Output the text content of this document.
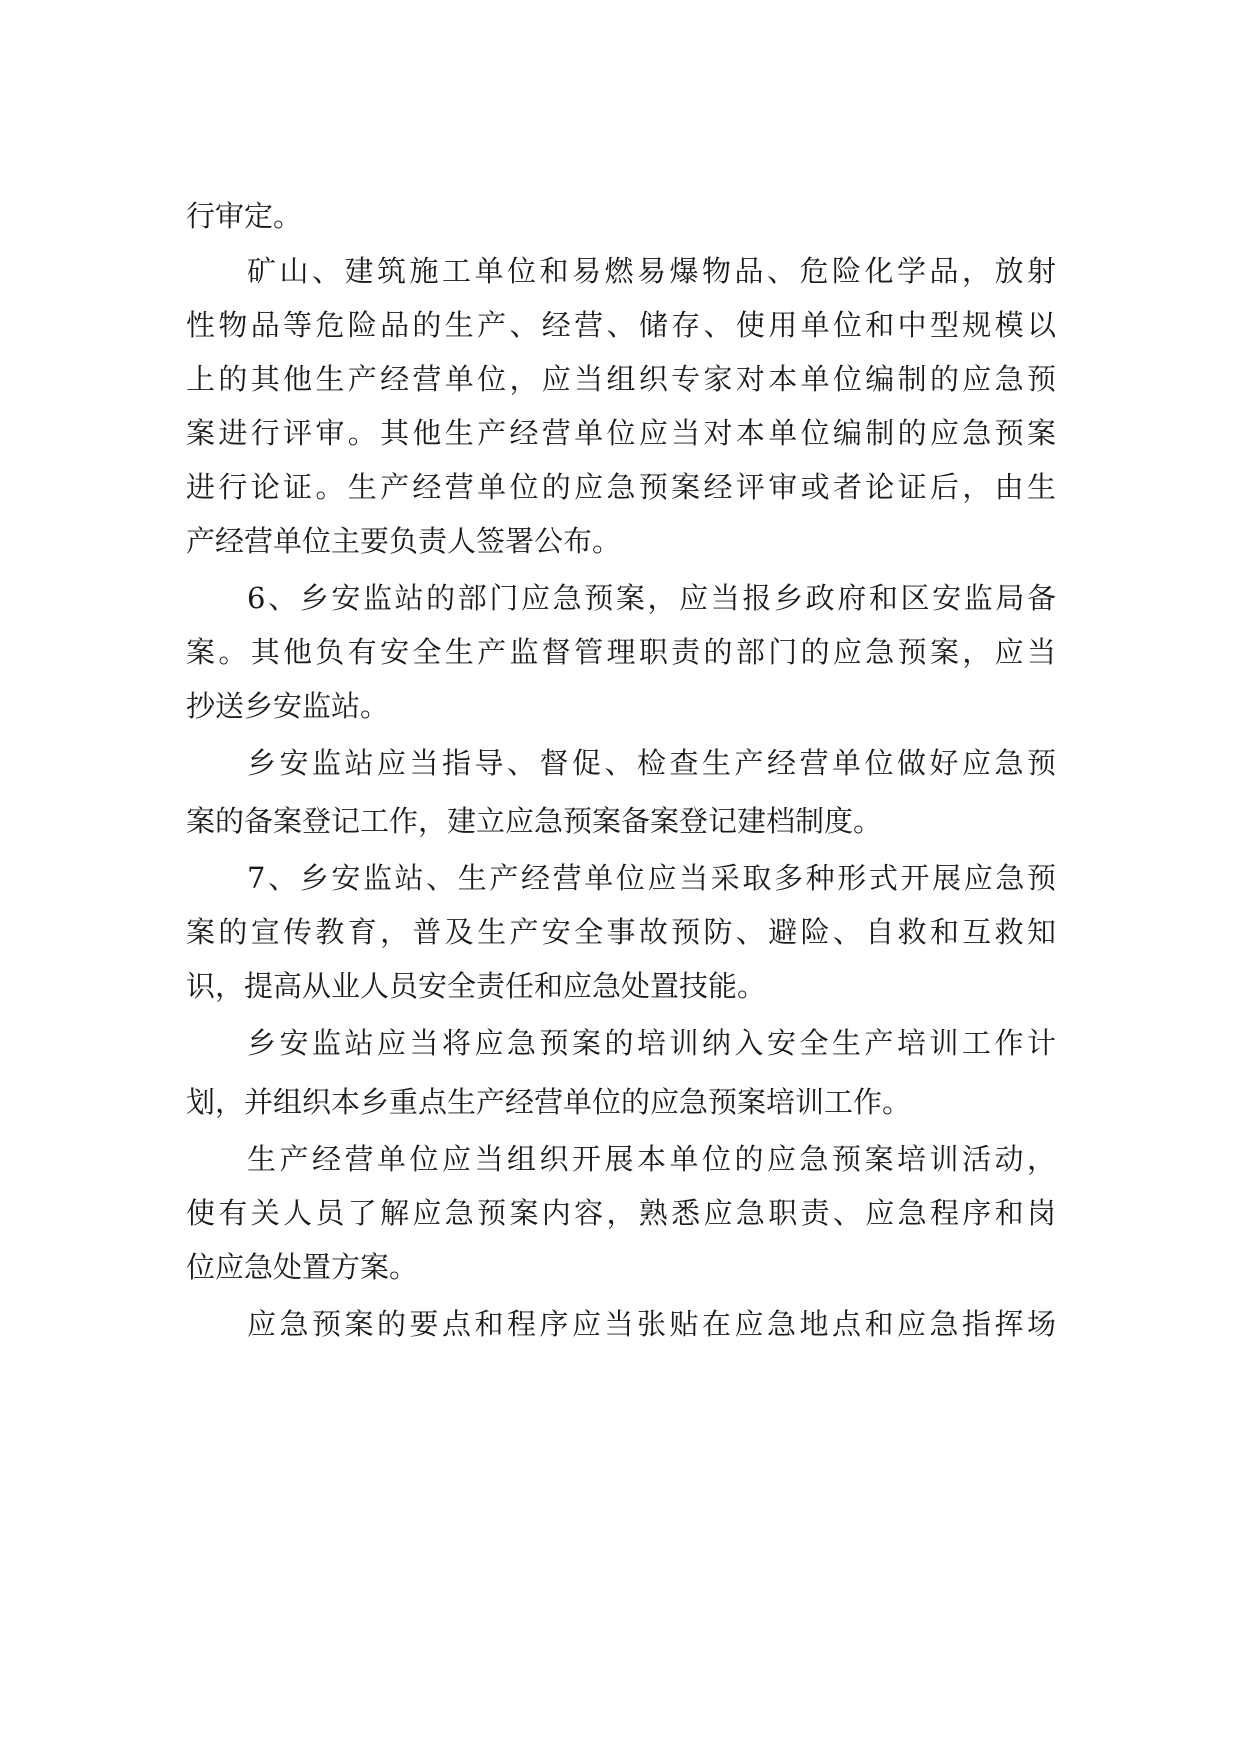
行审定。
矿山、建筑施工单位和易燃易爆物品、危险化学品，放射
性物品等危险品的生产、经营、储存、使用单位和中型规模以
上的其他生产经营单位，应当组织专家对本单位编制的应急预
案进行评审。其他生产经营单位应当对本单位编制的应急预案
进行论证。生产经营单位的应急预案经评审或者论证后，由生
产经营单位主要负责人签署公布。
6、乡安监站的部门应急预案，应当报乡政府和区安监局备
案。其他负有安全生产监督管理职责的部门的应急预案，应当
抄送乡安监站。
乡安监站应当指导、督促、检查生产经营单位做好应急预
案的备案登记工作，建立应急预案备案登记建档制度。
7、乡安监站、生产经营单位应当采取多种形式开展应急预
案的宣传教育，普及生产安全事故预防、避险、自救和互救知
识，提高从业人员安全责任和应急处置技能。
乡安监站应当将应急预案的培训纳入安全生产培训工作计
划，并组织本乡重点生产经营单位的应急预案培训工作。
生产经营单位应当组织开展本单位的应急预案培训活动，
使有关人员了解应急预案内容，熟悉应急职责、应急程序和岗
位应急处置方案。
应急预案的要点和程序应当张贴在应急地点和应急指挥场
